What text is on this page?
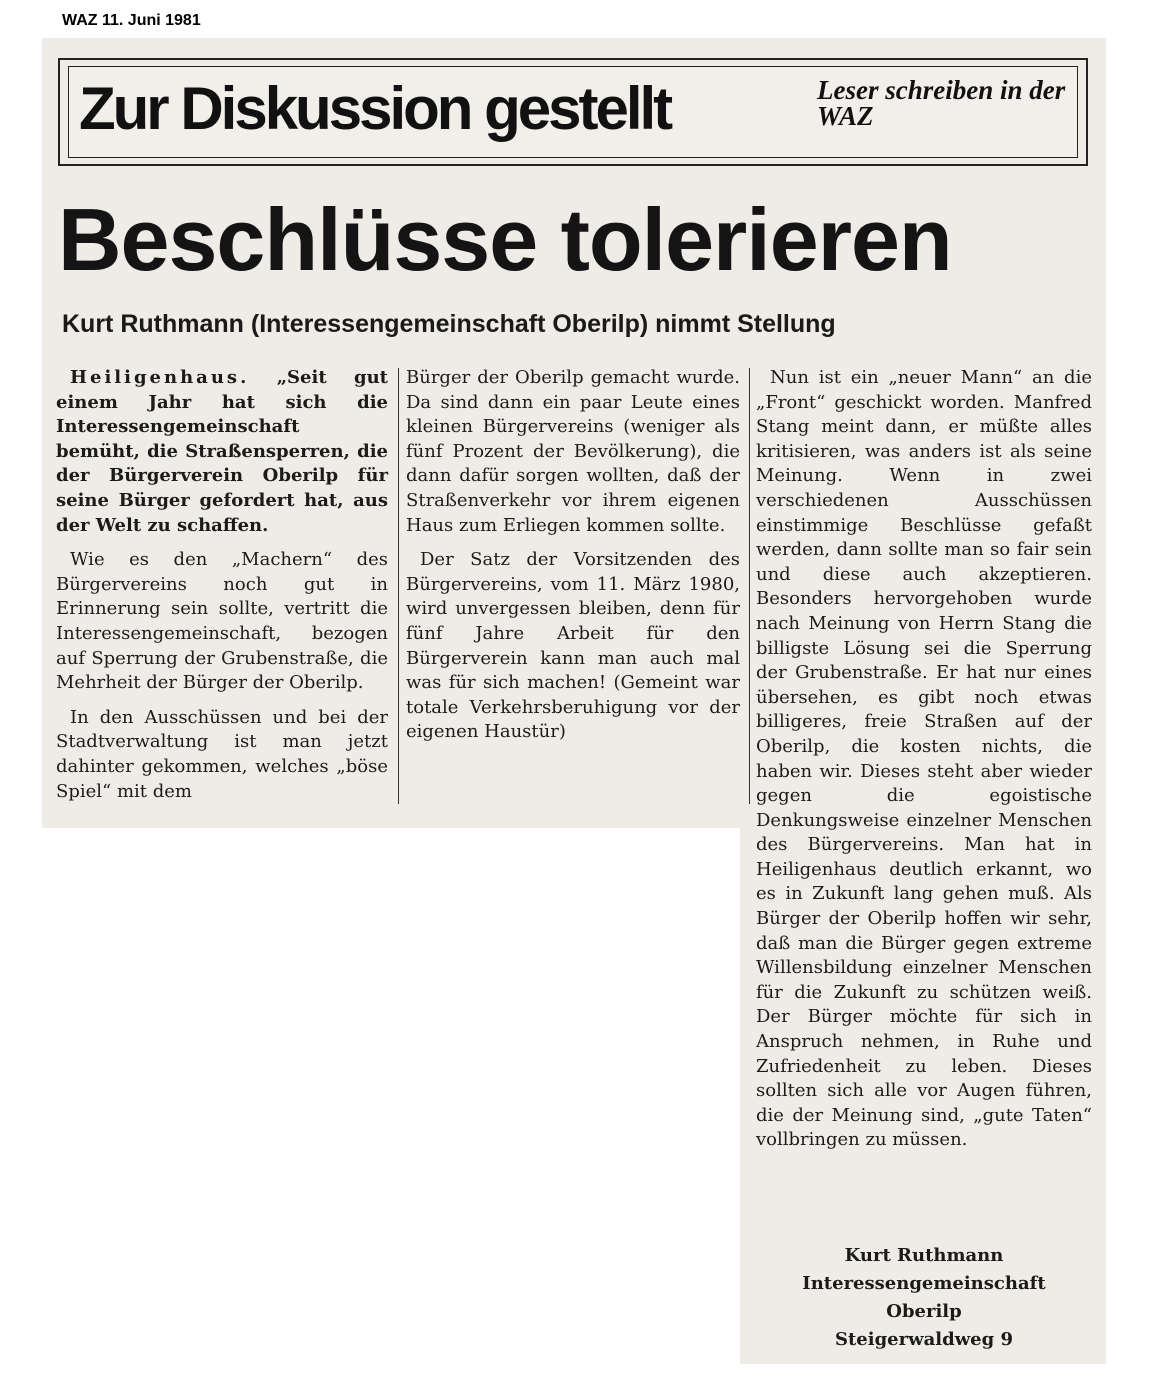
WAZ 11. Juni 1981
Zur Diskussion gestellt	Leser schreiben in der WAZ
Beschlüsse tolerieren
Kurt Ruthmann (Interessengemeinschaft Oberilp) nimmt Stellung

Heiligenhaus. „Seit gut einem Jahr hat sich die Interessengemeinschaft bemüht, die Straßensperren, die der Bürgerverein Oberilp für seine Bürger gefordert hat, aus der Welt zu schaffen.

Wie es den „Machern“ des Bürgervereins noch gut in Erinnerung sein sollte, vertritt die Interessengemeinschaft, bezogen auf Sperrung der Grubenstraße, die Mehrheit der Bürger der Oberilp.

In den Ausschüssen und bei der Stadtverwaltung ist man jetzt dahinter gekommen, welches „böse Spiel“ mit dem

Bürger der Oberilp gemacht wurde. Da sind dann ein paar Leute eines kleinen Bürgervereins (weniger als fünf Prozent der Bevölkerung), die dann dafür sorgen wollten, daß der Straßenverkehr vor ihrem eigenen Haus zum Erliegen kommen sollte.

Der Satz der Vorsitzenden des Bürgervereins, vom 11. März 1980, wird unvergessen bleiben, denn für fünf Jahre Arbeit für den Bürgerverein kann man auch mal was für sich machen! (Gemeint war totale Verkehrsberuhigung vor der eigenen Haustür)

Nun ist ein „neuer Mann“ an die „Front“ geschickt worden. Manfred Stang meint dann, er müßte alles kritisieren, was anders ist als seine Meinung. Wenn in zwei verschiedenen Ausschüssen einstimmige Beschlüsse gefaßt werden, dann sollte man so fair sein und diese auch akzeptieren. Besonders hervorgehoben wurde nach Meinung von Herrn Stang die billigste Lösung sei die Sperrung der Grubenstraße. Er hat nur eines übersehen, es gibt noch etwas billigeres, freie Straßen auf der Oberilp, die kosten nichts, die haben wir. Dieses steht aber wieder gegen die egoistische Denkungsweise einzelner Menschen des Bürgervereins. Man hat in Heiligenhaus deutlich erkannt, wo es in Zukunft lang gehen muß. Als Bürger der Oberilp hoffen wir sehr, daß man die Bürger gegen extreme Willensbildung einzelner Menschen für die Zukunft zu schützen weiß. Der Bürger möchte für sich in Anspruch nehmen, in Ruhe und Zufriedenheit zu leben. Dieses sollten sich alle vor Augen führen, die der Meinung sind, „gute Taten“ vollbringen zu müssen.

Kurt Ruthmann
Interessengemeinschaft
Oberilp
Steigerwaldweg 9
